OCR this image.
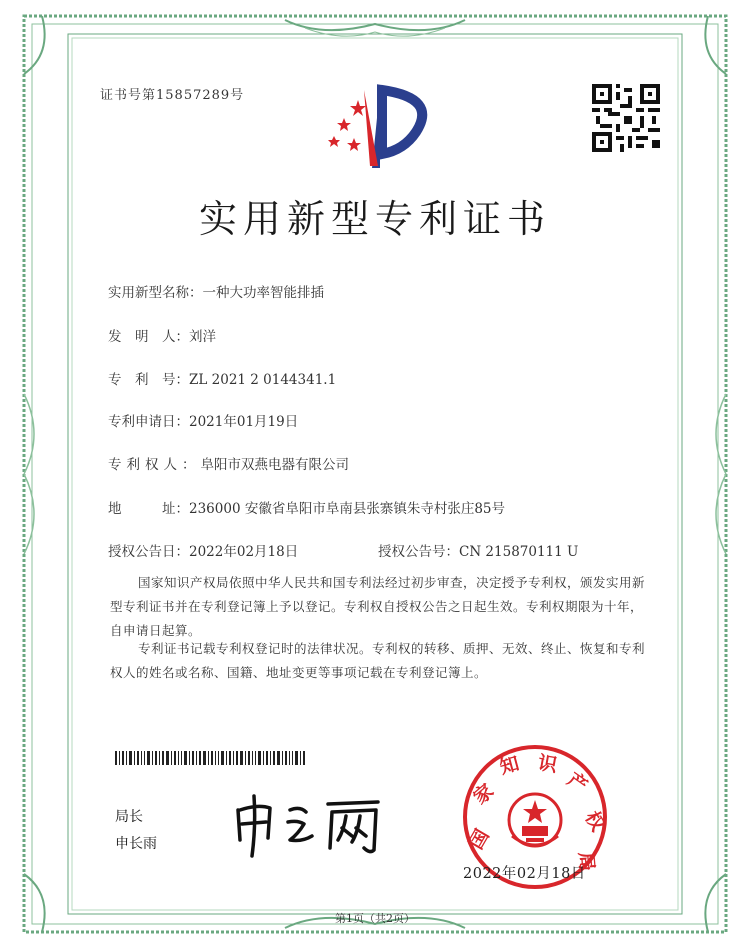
证书号第15857289号
实用新型专利证书
实用新型名称：一种大功率智能排插
发　明　人：刘洋
专　利　号：ZL 2021 2 0144341.1
专利申请日：2021年01月19日
专利权人：阜阳市双燕电器有限公司
地　　　址：236000 安徽省阜阳市阜南县张寨镇朱寺村张庄85号
授权公告日：2022年02月18日	授权公告号：CN 215870111 U
国家知识产权局依照中华人民共和国专利法经过初步审查，决定授予专利权，颁发实用新型专利证书并在专利登记簿上予以登记。专利权自授权公告之日起生效。专利权期限为十年，自申请日起算。
专利证书记载专利权登记时的法律状况。专利权的转移、质押、无效、终止、恢复和专利权人的姓名或名称、国籍、地址变更等事项记载在专利登记簿上。
局长
申长雨	国
家
知 识
产
权
局
2022年02月18日
第1页（共2页）
